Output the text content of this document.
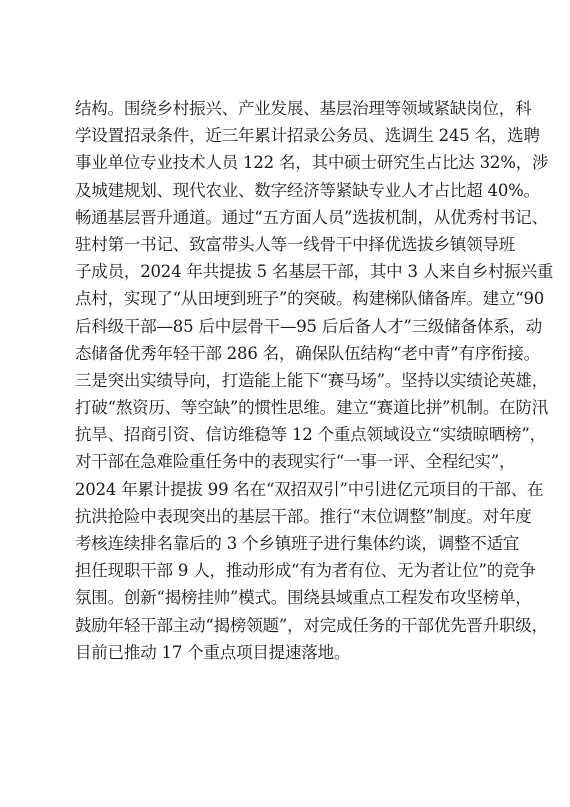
结构。围绕乡村振兴、产业发展、基层治理等领域紧缺岗位，科
学设置招录条件，近三年累计招录公务员、选调生 245 名，选聘
事业单位专业技术人员 122 名，其中硕士研究生占比达 32%，涉
及城建规划、现代农业、数字经济等紧缺专业人才占比超 40%。
畅通基层晋升通道。通过“五方面人员”选拔机制，从优秀村书记、
驻村第一书记、致富带头人等一线骨干中择优选拔乡镇领导班
子成员，2024 年共提拔 5 名基层干部，其中 3 人来自乡村振兴重
点村，实现了“从田埂到班子”的突破。构建梯队储备库。建立“90
后科级干部—85 后中层骨干—95 后后备人才”三级储备体系，动
态储备优秀年轻干部 286 名，确保队伍结构“老中青”有序衔接。
三是突出实绩导向，打造能上能下“赛马场”。坚持以实绩论英雄，
打破“熬资历、等空缺”的惯性思维。建立“赛道比拼”机制。在防汛
抗旱、招商引资、信访维稳等 12 个重点领域设立“实绩晾晒榜”，
对干部在急难险重任务中的表现实行“一事一评、全程纪实”，
2024 年累计提拔 99 名在“双招双引”中引进亿元项目的干部、在
抗洪抢险中表现突出的基层干部。推行“末位调整”制度。对年度
考核连续排名靠后的 3 个乡镇班子进行集体约谈，调整不适宜
担任现职干部 9 人，推动形成“有为者有位、无为者让位”的竞争
氛围。创新“揭榜挂帅”模式。围绕县域重点工程发布攻坚榜单，
鼓励年轻干部主动“揭榜领题”，对完成任务的干部优先晋升职级，
目前已推动 17 个重点项目提速落地。
